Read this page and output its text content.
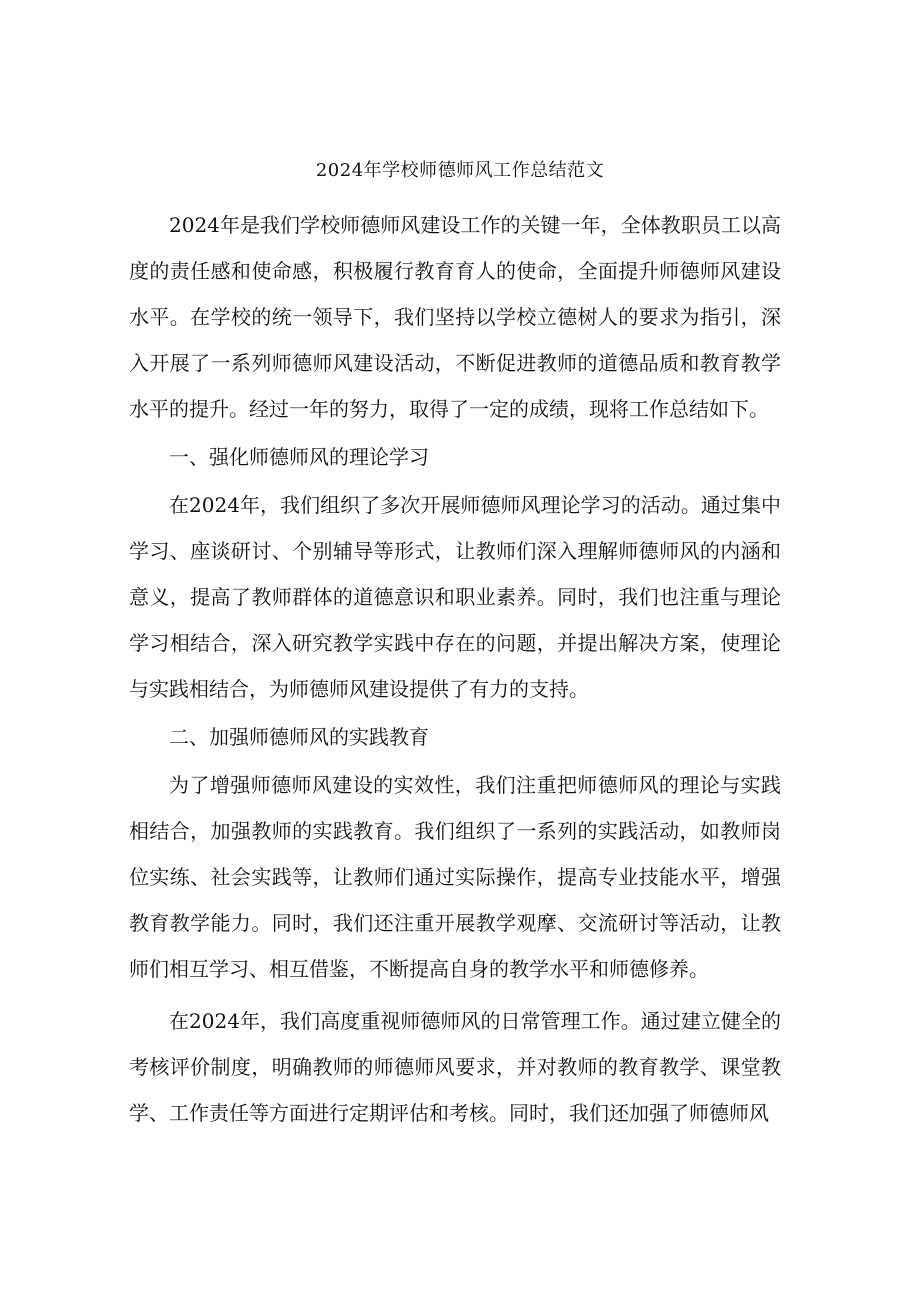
2024年学校师德师风工作总结范文

2024年是我们学校师德师风建设工作的关键一年，全体教职员工以高度的责任感和使命感，积极履行教育育人的使命，全面提升师德师风建设水平。在学校的统一领导下，我们坚持以学校立德树人的要求为指引，深入开展了一系列师德师风建设活动，不断促进教师的道德品质和教育教学水平的提升。经过一年的努力，取得了一定的成绩，现将工作总结如下。

一、强化师德师风的理论学习

在2024年，我们组织了多次开展师德师风理论学习的活动。通过集中学习、座谈研讨、个别辅导等形式，让教师们深入理解师德师风的内涵和意义，提高了教师群体的道德意识和职业素养。同时，我们也注重与理论学习相结合，深入研究教学实践中存在的问题，并提出解决方案，使理论与实践相结合，为师德师风建设提供了有力的支持。

二、加强师德师风的实践教育

为了增强师德师风建设的实效性，我们注重把师德师风的理论与实践相结合，加强教师的实践教育。我们组织了一系列的实践活动，如教师岗位实练、社会实践等，让教师们通过实际操作，提高专业技能水平，增强教育教学能力。同时，我们还注重开展教学观摩、交流研讨等活动，让教师们相互学习、相互借鉴，不断提高自身的教学水平和师德修养。

在2024年，我们高度重视师德师风的日常管理工作。通过建立健全的考核评价制度，明确教师的师德师风要求，并对教师的教育教学、课堂教学、工作责任等方面进行定期评估和考核。同时，我们还加强了师德师风
